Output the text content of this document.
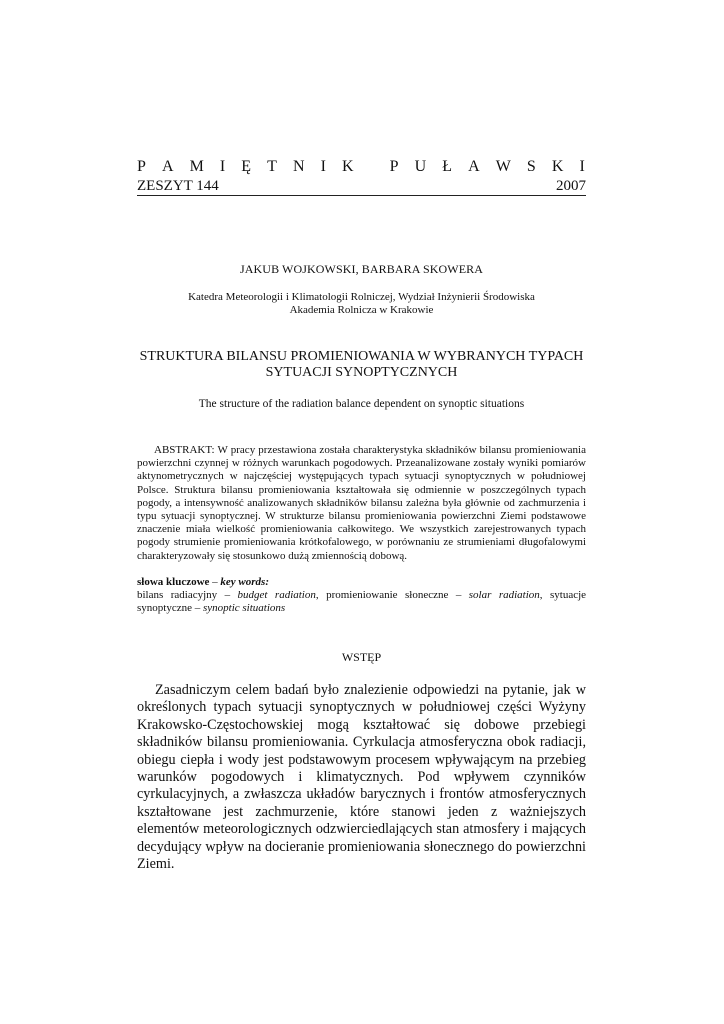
P A M I Ę T N I K
P U Ł A W S K I
ZESZYT 144	2007
JAKUB WOJKOWSKI, BARBARA SKOWERA
Katedra Meteorologii i Klimatologii Rolniczej, Wydział Inżynierii Środowiska
Akademia Rolnicza w Krakowie
STRUKTURA BILANSU PROMIENIOWANIA W WYBRANYCH TYPACH
SYTUACJI SYNOPTYCZNYCH
The structure of the radiation balance dependent on synoptic situations

ABSTRAKT: W pracy przestawiona została charakterystyka składników bilansu promieniowania powierzchni czynnej w różnych warunkach pogodowych. Przeanalizowane zostały wyniki pomiarów aktynometrycznych w najczęściej występujących typach sytuacji synoptycznych w południowej Polsce. Struktura bilansu promieniowania kształtowała się odmiennie w poszczególnych typach pogody, a intensywność analizowanych składników bilansu zależna była głównie od zachmurzenia i typu sytuacji synoptycznej. W strukturze bilansu promieniowania powierzchni Ziemi podstawowe znaczenie miała wielkość promieniowania całkowitego. We wszystkich zarejestrowanych typach pogody strumienie promieniowania krótkofalowego, w porównaniu ze strumieniami długofalowymi charakteryzowały się stosunkowo dużą zmiennością dobową.

słowa kluczowe – key words:
bilans radiacyjny – budget radiation, promieniowanie słoneczne – solar radiation, sytuacje synoptyczne – synoptic situations
WSTĘP

Zasadniczym celem badań było znalezienie odpowiedzi na pytanie, jak w określonych typach sytuacji synoptycznych w południowej części Wyżyny Krakowsko-Częstochowskiej mogą kształtować się dobowe przebiegi składników bilansu promieniowania. Cyrkulacja atmosferyczna obok radiacji, obiegu ciepła i wody jest podstawowym procesem wpływającym na przebieg warunków pogodowych i klimatycznych. Pod wpływem czynników cyrkulacyjnych, a zwłaszcza układów barycznych i frontów atmosferycznych kształtowane jest zachmurzenie, które stanowi jeden z ważniejszych elementów meteorologicznych odzwierciedlających stan atmosfery i mających decydujący wpływ na docieranie promieniowania słonecznego do powierzchni Ziemi.
